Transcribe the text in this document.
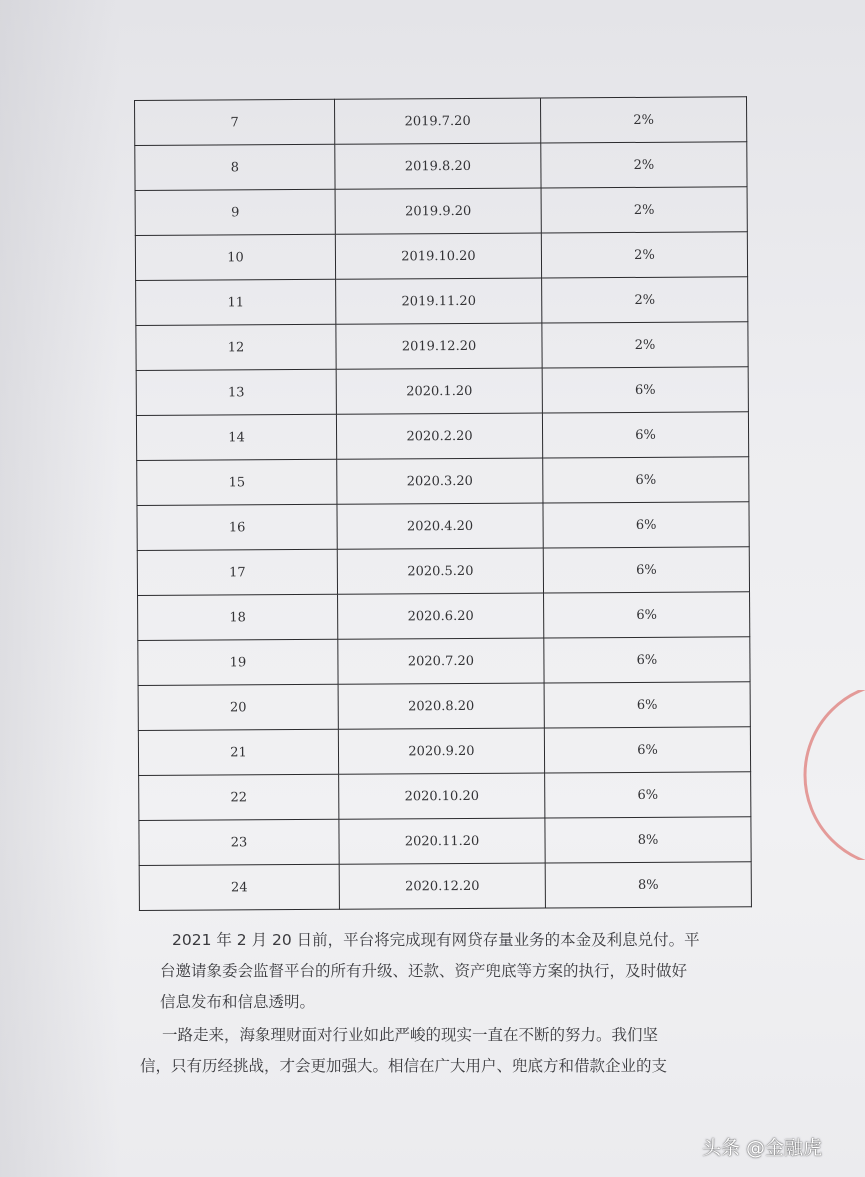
7	2019.7.20	2%
8	2019.8.20	2%
9	2019.9.20	2%
10	2019.10.20	2%
11	2019.11.20	2%
12	2019.12.20	2%
13	2020.1.20	6%
14	2020.2.20	6%
15	2020.3.20	6%
16	2020.4.20	6%
17	2020.5.20	6%
18	2020.6.20	6%
19	2020.7.20	6%
20	2020.8.20	6%
21	2020.9.20	6%
22	2020.10.20	6%
23	2020.11.20	8%
24	2020.12.20	8%
2021 年 2 月 20 日前，平台将完成现有网贷存量业务的本金及利息兑付。平
台邀请象委会监督平台的所有升级、还款、资产兜底等方案的执行，及时做好
信息发布和信息透明。
一路走来，海象理财面对行业如此严峻的现实一直在不断的努力。我们坚
信，只有历经挑战，才会更加强大。相信在广大用户、兜底方和借款企业的支
头条 @金融虎
